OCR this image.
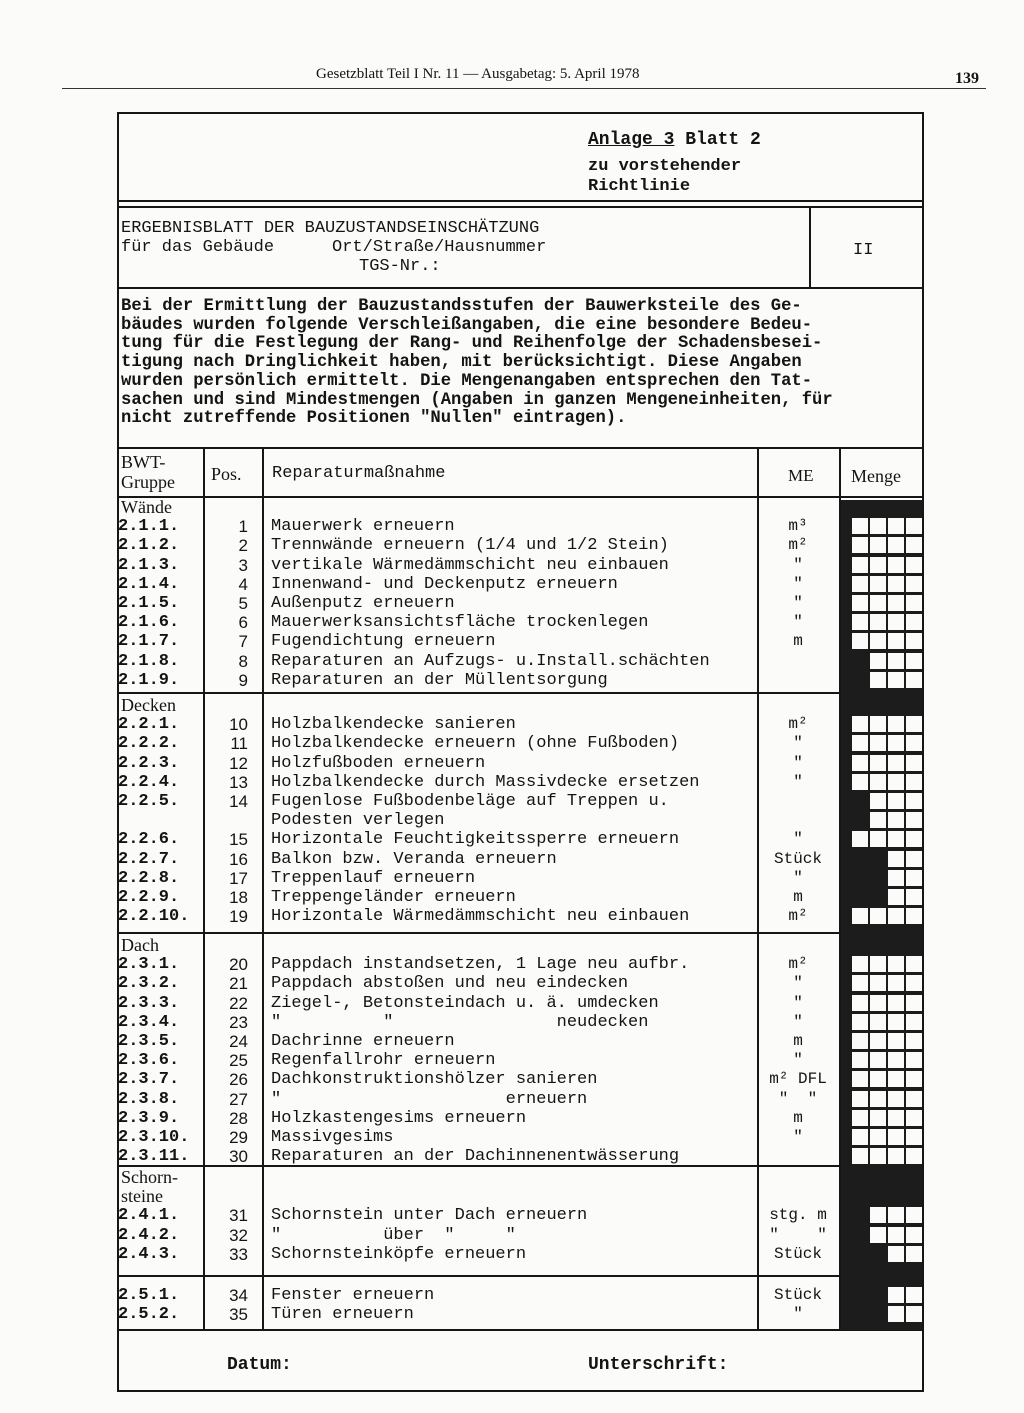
Gesetzblatt Teil I Nr. 11 — Ausgabetag: 5. April 1978	139
Anlage 3 Blatt 2
zu vorstehender
Richtlinie
ERGEBNISBLATT DER BAUZUSTANDSEINSCHÄTZUNG
für das Gebäude	Ort/Straße/Hausnummer
TGS-Nr.:
II
Bei der Ermittlung der Bauzustandsstufen der Bauwerksteile des Ge-
bäudes wurden folgende Verschleißangaben, die eine besondere Bedeu-
tung für die Festlegung der Rang- und Reihenfolge der Schadensbesei-
tigung nach Dringlichkeit haben, mit berücksichtigt. Diese Angaben
wurden persönlich ermittelt. Die Mengenangaben entsprechen den Tat-
sachen und sind Mindestmengen (Angaben in ganzen Mengeneinheiten, für
nicht zutreffende Positionen "Nullen" eintragen).
BWT-
Gruppe Pos. Reparaturmaßnahme	ME Menge
Wände
2.1.1.	1 Mauerwerk erneuern	m³
2.1.2.	2 Trennwände erneuern (1/4 und 1/2 Stein)	m²
2.1.3.	3 vertikale Wärmedämmschicht neu einbauen	"
2.1.4.	4 Innenwand- und Deckenputz erneuern	"
2.1.5.	5 Außenputz erneuern	"
2.1.6.	6 Mauerwerksansichtsfläche trockenlegen	"
2.1.7.	7 Fugendichtung erneuern	m
2.1.8.	8 Reparaturen an Aufzugs- u.Install.schächten
2.1.9.	9 Reparaturen an der Müllentsorgung
Decken
2.2.1.	10 Holzbalkendecke sanieren	m²
2.2.2.	11 Holzbalkendecke erneuern (ohne Fußboden)	"
2.2.3.	12 Holzfußboden erneuern	"
2.2.4.	13 Holzbalkendecke durch Massivdecke ersetzen	"
2.2.5.	14 Fugenlose Fußbodenbeläge auf Treppen u.
Podesten verlegen
2.2.6.	15 Horizontale Feuchtigkeitssperre erneuern	"
2.2.7.	16 Balkon bzw. Veranda erneuern	Stück
2.2.8.	17 Treppenlauf erneuern	"
2.2.9.	18 Treppengeländer erneuern	m
2.2.10.	19 Horizontale Wärmedämmschicht neu einbauen	m²
Dach
2.3.1.	20 Pappdach instandsetzen, 1 Lage neu aufbr.	m²
2.3.2.	21 Pappdach abstoßen und neu eindecken	"
2.3.3.	22 Ziegel-, Betonsteindach u. ä. umdecken	"
2.3.4.	23 "          "                neudecken	"
2.3.5.	24 Dachrinne erneuern	m
2.3.6.	25 Regenfallrohr erneuern	"
2.3.7.	26 Dachkonstruktionshölzer sanieren	m² DFL
2.3.8.	27 "                      erneuern	"  "
2.3.9.	28 Holzkastengesims erneuern	m
2.3.10.	29 Massivgesims	"
2.3.11.	30 Reparaturen an der Dachinnenentwässerung
Schorn-
steine
2.4.1.	31 Schornstein unter Dach erneuern	stg. m
2.4.2.	32 "          über  "     "	"    "
2.4.3.	33 Schornsteinköpfe erneuern	Stück
2.5.1.	34 Fenster erneuern	Stück
2.5.2.	35 Türen erneuern	"
Datum:	Unterschrift:
